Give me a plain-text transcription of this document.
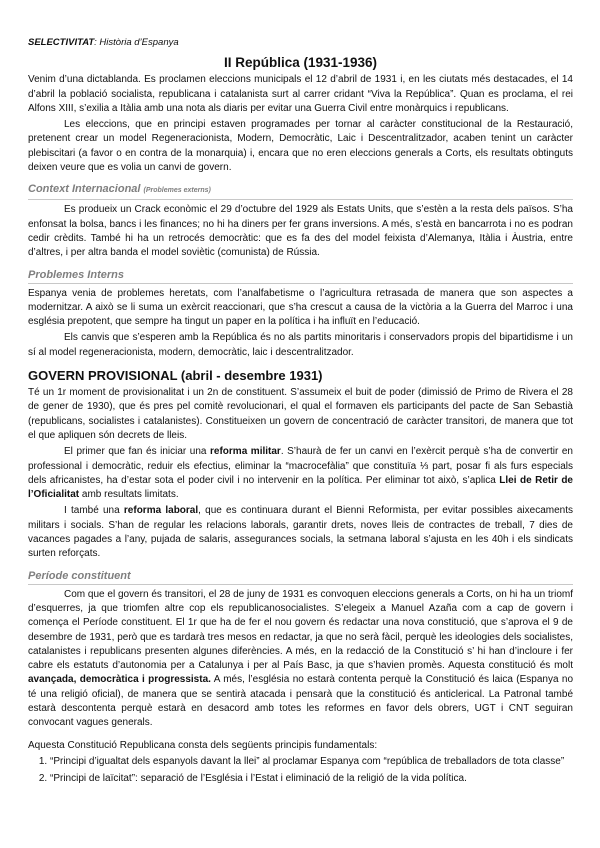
SELECTIVITAT: Història d’Espanya
II República (1931-1936)

Venim d’una dictablanda. Es proclamen eleccions municipals el 12 d’abril de 1931 i, en les ciutats més destacades, el 14 d’abril la població socialista, republicana i catalanista surt al carrer cridant “Viva la República”. Quan es proclama, el rei Alfons XIII, s’exilia a Itàlia amb una nota als diaris per evitar una Guerra Civil entre monàrquics i republicans.

Les eleccions, que en principi estaven programades per tornar al caràcter constitucional de la Restauració, pretenent crear un model Regeneracionista, Modern, Democràtic, Laic i Descentralitzador, acaben tenint un caràcter plebiscitari (a favor o en contra de la monarquia) i, encara que no eren eleccions generals a Corts, els resultats obtinguts deixen veure que es volia un canvi de govern.

Context Internacional (Problemes externs)

Es produeix un Crack econòmic el 29 d’octubre del 1929 als Estats Units, que s’estèn a la resta dels països. S’ha enfonsat la bolsa, bancs i les finances; no hi ha diners per fer grans inversions. A més, s’està en bancarrota i no es podran cedir crèdits. També hi ha un retrocés democràtic: que es fa des del model feixista d’Alemanya, Itàlia i Àustria, entre d’altres, i per altra banda el model soviètic (comunista) de Rússia.

Problemes Interns

Espanya venia de problemes heretats, com l’analfabetisme o l’agricultura retrasada de manera que son aspectes a modernitzar. A això se li suma un exèrcit reaccionari, que s’ha crescut a causa de la victòria a la Guerra del Marroc i una església prepotent, que sempre ha tingut un paper en la política i ha influït en l’educació.

Els canvis que s’esperen amb la República és no als partits minoritaris i conservadors propis del bipartidisme i un sí al model regeneracionista, modern, democràtic, laic i descentralitzador.

GOVERN PROVISIONAL (abril - desembre 1931)

Té un 1r moment de provisionalitat i un 2n de constituent. S’assumeix el buit de poder (dimissió de Primo de Rivera el 28 de gener de 1930), que és pres pel comitè revolucionari, el qual el formaven els participants del pacte de San Sebastià (republicans, socialistes i catalanistes). Constitueixen un govern de concentració de caràcter transitori, de manera que tot el que apliquen són decrets de lleis.

El primer que fan és iniciar una reforma militar. S’haurà de fer un canvi en l’exèrcit perquè s’ha de convertir en professional i democràtic, reduir els efectius, eliminar la “macrocefàlia” que constituïa ⅓ part, posar fi als furs especials dels africanistes, ha d’estar sota el poder civil i no intervenir en la política. Per eliminar tot això, s’aplica Llei de Retir de l’Oficialitat amb resultats limitats.

I també una reforma laboral, que es continuara durant el Bienni Reformista, per evitar possibles aixecaments militars i socials. S’han de regular les relacions laborals, garantir drets, noves lleis de contractes de treball, 7 dies de vacances pagades a l’any, pujada de salaris, assegurances socials, la setmana laboral s’ajusta en les 40h i els sindicats surten reforçats.

Període constituent

Com que el govern és transitori, el 28 de juny de 1931 es convoquen eleccions generals a Corts, on hi ha un triomf d’esquerres, ja que triomfen altre cop els republicanosocialistes. S’elegeix a Manuel Azaña com a cap de govern i comença el Període constituent. El 1r que ha de fer el nou govern és redactar una nova constitució, que s’aprova el 9 de desembre de 1931, però que es tardarà tres mesos en redactar, ja que no serà fàcil, perquè les ideologies dels socialistes, catalanistes i republicans presenten algunes diferències. A més, en la redacció de la Constitució s’ hi han d’incloure i fer cabre els estatuts d’autonomia per a Catalunya i per al País Basc, ja que s’havien promès. Aquesta constitució és molt avançada, democràtica i progressista. A més, l’església no estarà contenta perquè la Constitució és laica (Espanya no té una religió oficial), de manera que se sentirà atacada i pensarà que la constitució és anticlerical. La Patronal també estarà descontenta perquè estarà en desacord amb totes les reformes en favor dels obrers, UGT i CNT seguiran convocant vagues generals.

Aquesta Constitució Republicana consta dels següents principis fundamentals:

1. “Principi d’igualtat dels espanyols davant la llei” al proclamar Espanya com “república de treballadors de tota classe”
2. “Principi de laïcitat”: separació de l’Església i l’Estat i eliminació de la religió de la vida política.
